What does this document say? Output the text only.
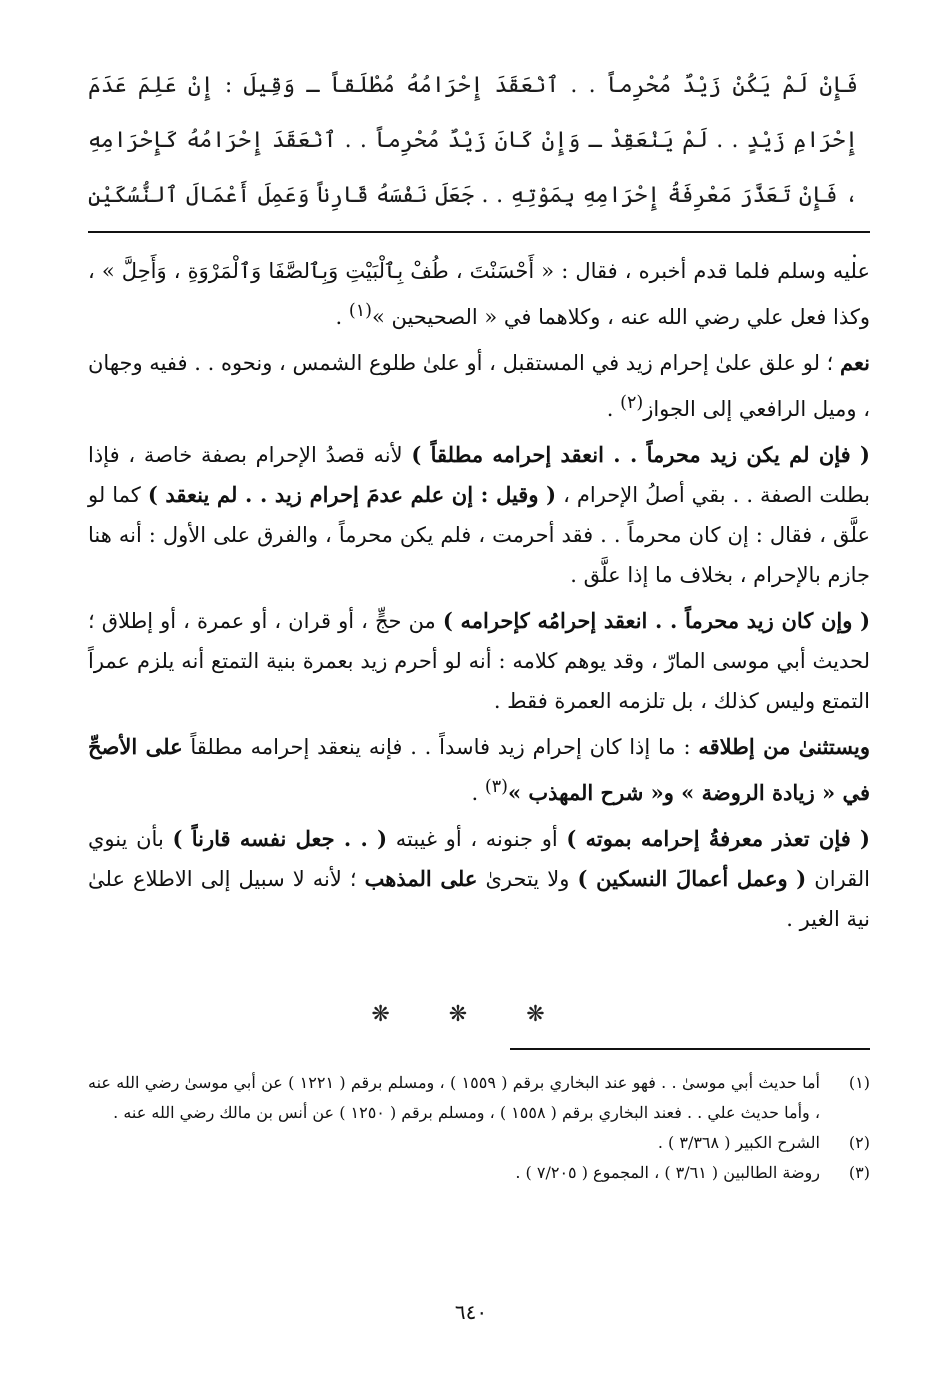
فَإِنْ لَمْ يَكُنْ زَيْدٌ مُحْرِماً . . ٱنْعَقَدَ إِحْرَامُهُ مُطْلَقاً ـ وَقِيلَ : إِنْ عَلِمَ عَدَمَ إِحْرَامِ زَيْدٍ . . لَمْ يَنْعَقِدْ ـ وَإِنْ كَانَ زَيْدٌ مُحْرِماً . . ٱنْعَقَدَ إِحْرَامُهُ كَإِحْرَامِهِ ، فَإِنْ تَعَذَّرَ مَعْرِفَةُ إِحْرَامِهِ بِمَوْتِهِ . . جَعَلَ نَفْسَهُ قَارِناً وَعَمِلَ أَعْمَالَ ٱلنُّسُكَيْنِ .

عليه وسلم فلما قدم أخبره ، فقال : « أَحْسَنْتَ ، طُفْ بِٱلْبَيْتِ وَبِٱلصَّفَا وَٱلْمَرْوَةِ ، وَأَحِلَّ » ، وكذا فعل علي رضي الله عنه ، وكلاهما في « الصحيحين »$^{(١)}$ .

نعم ؛ لو علق علىٰ إحرام زيد في المستقبل ، أو علىٰ طلوع الشمس ، ونحوه . . ففيه وجهان ، وميل الرافعي إلى الجواز$^{(٢)}$ .

( فإن لم يكن زيد محرماً . . انعقد إحرامه مطلقاً ) لأنه قصدُ الإحرام بصفة خاصة ، فإذا بطلت الصفة . . بقي أصلُ الإحرام ، ( وقيل : إن علم عدمَ إحرام زيد . . لم ينعقد ) كما لو علَّق ، فقال : إن كان محرماً . . فقد أحرمت ، فلم يكن محرماً ، والفرق على الأول : أنه هنا جازم بالإحرام ، بخلاف ما إذا علَّق .

( وإن كان زيد محرماً . . انعقد إحرامُه كإحرامه ) من حجٍّ ، أو قران ، أو عمرة ، أو إطلاق ؛ لحديث أبي موسى المارّ ، وقد يوهم كلامه : أنه لو أحرم زيد بعمرة بنية التمتع أنه يلزم عمراً التمتع وليس كذلك ، بل تلزمه العمرة فقط .

ويستثنىٰ من إطلاقه : ما إذا كان إحرام زيد فاسداً . . فإنه ينعقد إحرامه مطلقاً على الأصحِّ في « زيادة الروضة » و« شرح المهذب »$^{(٣)}$ .

( فإن تعذر معرفةُ إحرامه بموته ) أو جنونه ، أو غيبته ( . . جعل نفسه قارناً ) بأن ينوي القران ( وعمل أعمالَ النسكين ) ولا يتحرىٰ على المذهب ؛ لأنه لا سبيل إلى الاطلاع علىٰ نية الغير .

❋ ❋ ❋
(١)
أما حديث أبي موسىٰ . . فهو عند البخاري برقم ( ١٥٥٩ ) ، ومسلم برقم ( ١٢٢١ ) عن أبي موسىٰ رضي الله عنه ، وأما حديث علي . . فعند البخاري برقم ( ١٥٥٨ ) ، ومسلم برقم ( ١٢٥٠ ) عن أنس بن مالك رضي الله عنه .
(٢)
الشرح الكبير ( ٣/٣٦٨ ) .
(٣)
روضة الطالبين ( ٣/٦١ ) ، المجموع ( ٧/٢٠٥ ) .
٦٤٠
